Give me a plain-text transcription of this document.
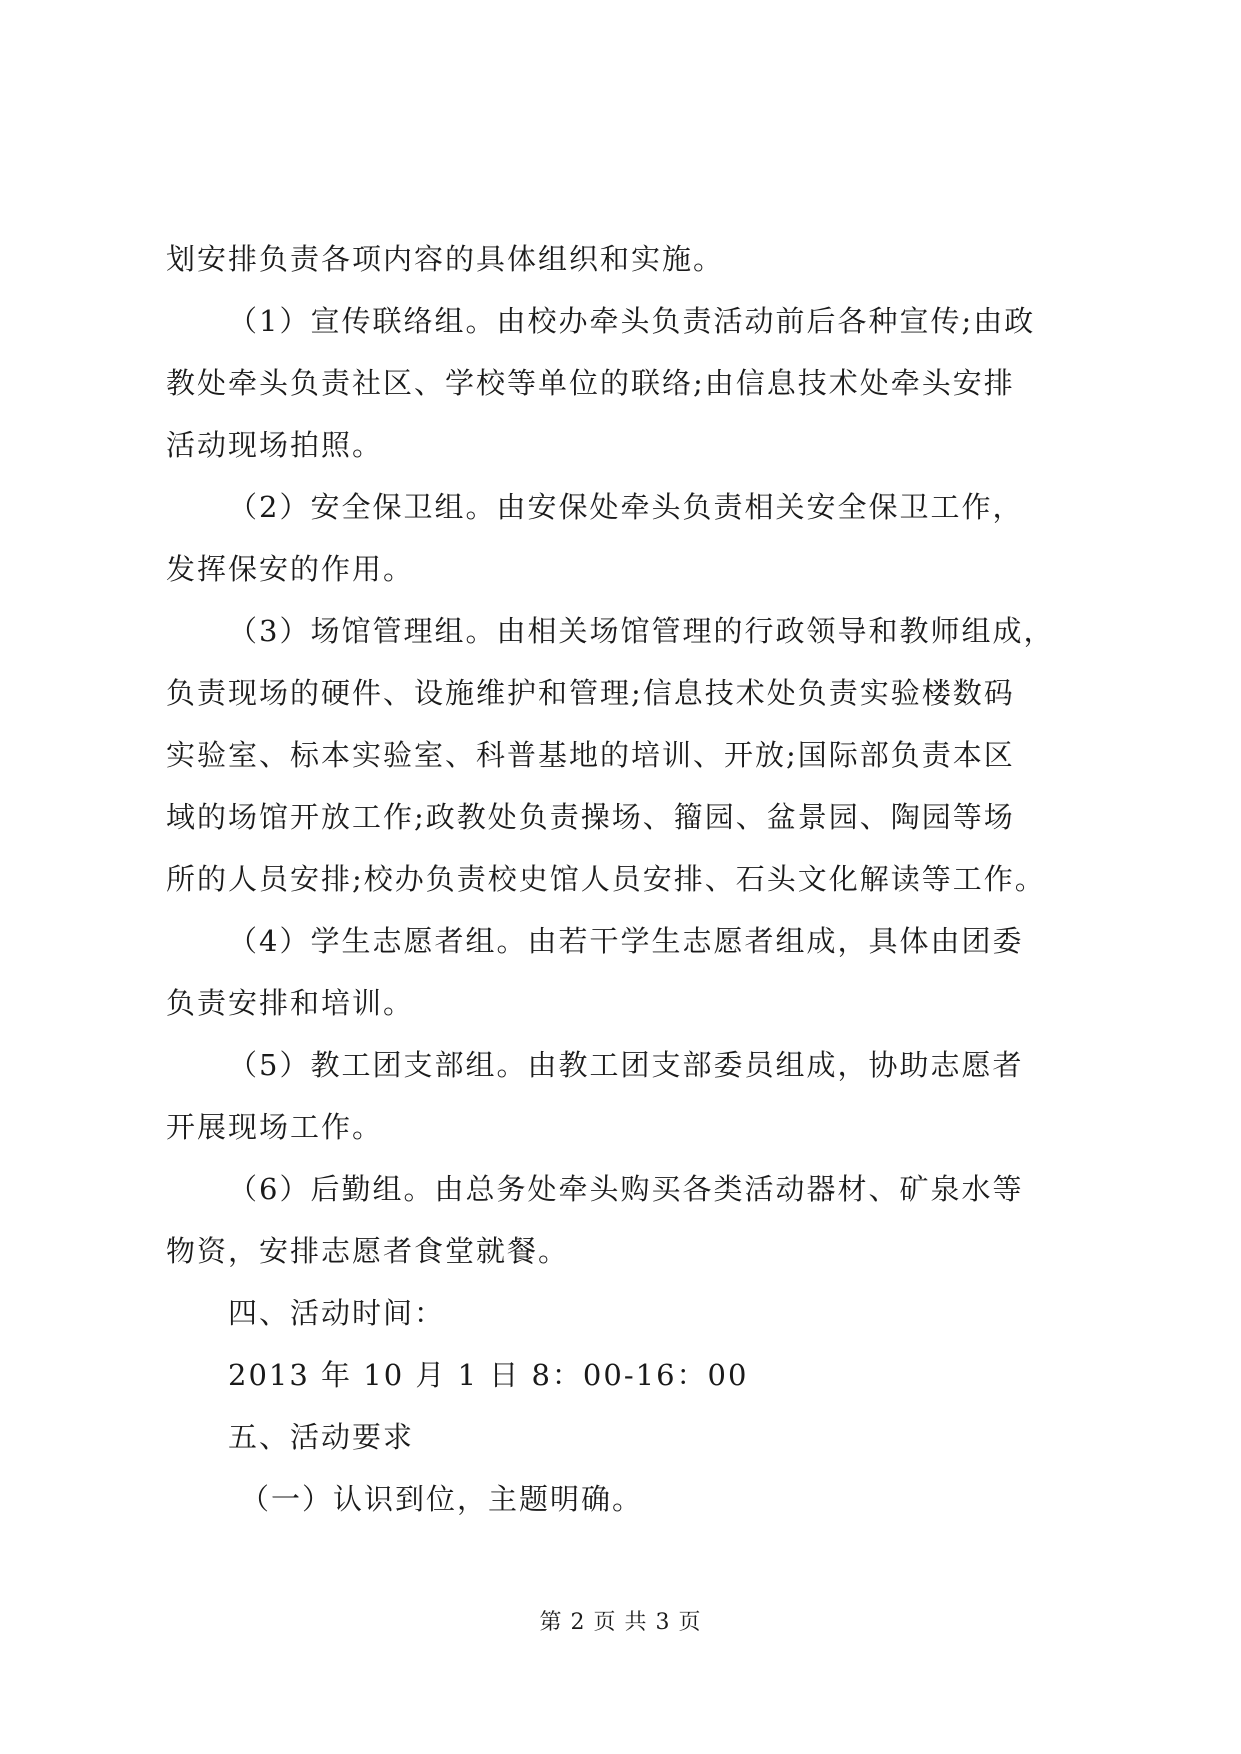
划安排负责各项内容的具体组织和实施。
（1）宣传联络组。由校办牵头负责活动前后各种宣传;由政
教处牵头负责社区、学校等单位的联络;由信息技术处牵头安排
活动现场拍照。
（2）安全保卫组。由安保处牵头负责相关安全保卫工作，
发挥保安的作用。
（3）场馆管理组。由相关场馆管理的行政领导和教师组成，
负责现场的硬件、设施维护和管理;信息技术处负责实验楼数码
实验室、标本实验室、科普基地的培训、开放;国际部负责本区
域的场馆开放工作;政教处负责操场、籀园、盆景园、陶园等场
所的人员安排;校办负责校史馆人员安排、石头文化解读等工作。
（4）学生志愿者组。由若干学生志愿者组成，具体由团委
负责安排和培训。
（5）教工团支部组。由教工团支部委员组成，协助志愿者
开展现场工作。
（6）后勤组。由总务处牵头购买各类活动器材、矿泉水等
物资，安排志愿者食堂就餐。
四、活动时间：
2013 年 10 月 1 日 8：00-16：00
五、活动要求
（一）认识到位，主题明确。
第 2 页 共 3 页
